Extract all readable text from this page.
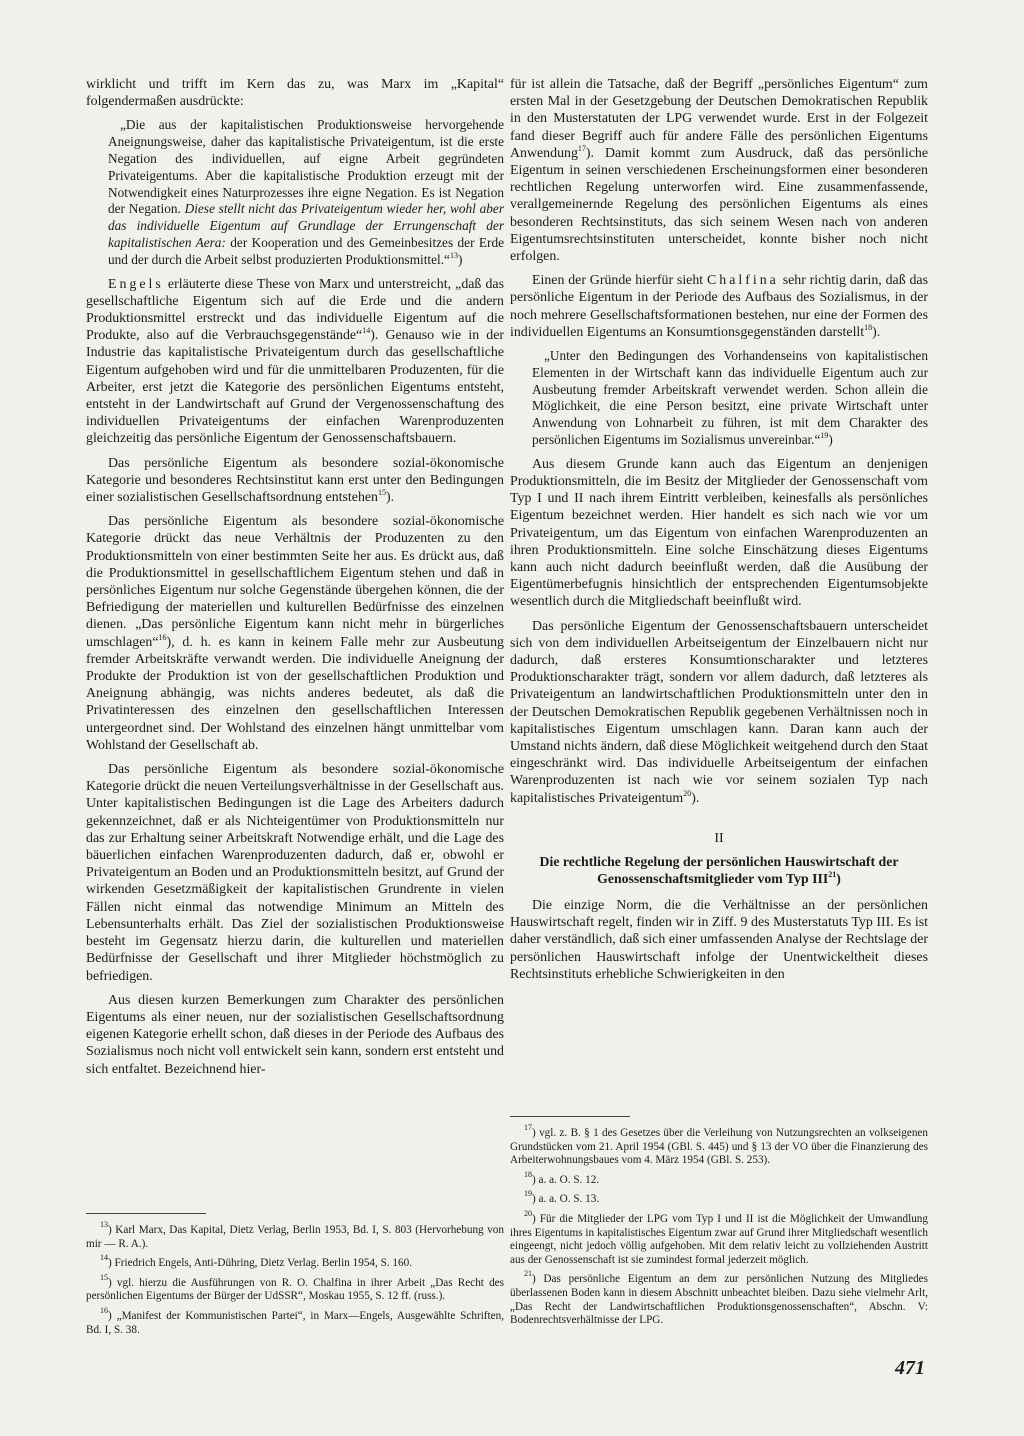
wirklicht und trifft im Kern das zu, was Marx im „Kapital“ folgendermaßen ausdrückte:

„Die aus der kapitalistischen Produktionsweise hervorgehende Aneignungsweise, daher das kapitalistische Privateigentum, ist die erste Negation des individuellen, auf eigne Arbeit gegründeten Privateigentums. Aber die kapitalistische Produktion erzeugt mit der Notwendigkeit eines Naturprozesses ihre eigne Negation. Es ist Negation der Negation. Diese stellt nicht das Privateigentum wieder her, wohl aber das individuelle Eigentum auf Grundlage der Errungenschaft der kapitalistischen Aera: der Kooperation und des Gemeinbesitzes der Erde und der durch die Arbeit selbst produzierten Produktionsmittel.“$^{13}$)

Engels erläuterte diese These von Marx und unterstreicht, „daß das gesellschaftliche Eigentum sich auf die Erde und die andern Produktionsmittel erstreckt und das individuelle Eigentum auf die Produkte, also auf die Verbrauchsgegenstände“$^{14}$). Genauso wie in der Industrie das kapitalistische Privateigentum durch das gesellschaftliche Eigentum aufgehoben wird und für die unmittelbaren Produzenten, für die Arbeiter, erst jetzt die Kategorie des persönlichen Eigentums entsteht, entsteht in der Landwirtschaft auf Grund der Vergenossenschaftung des individuellen Privateigentums der einfachen Warenproduzenten gleichzeitig das persönliche Eigentum der Genossenschaftsbauern.

Das persönliche Eigentum als besondere sozial-ökonomische Kategorie und besonderes Rechtsinstitut kann erst unter den Bedingungen einer sozialistischen Gesellschaftsordnung entstehen$^{15}$).

Das persönliche Eigentum als besondere sozial-ökonomische Kategorie drückt das neue Verhältnis der Produzenten zu den Produktionsmitteln von einer bestimmten Seite her aus. Es drückt aus, daß die Produktionsmittel in gesellschaftlichem Eigentum stehen und daß in persönliches Eigentum nur solche Gegenstände übergehen können, die der Befriedigung der materiellen und kulturellen Bedürfnisse des einzelnen dienen. „Das persönliche Eigentum kann nicht mehr in bürgerliches umschlagen“$^{16}$), d. h. es kann in keinem Falle mehr zur Ausbeutung fremder Arbeitskräfte verwandt werden. Die individuelle Aneignung der Produkte der Produktion ist von der gesellschaftlichen Produktion und Aneignung abhängig, was nichts anderes bedeutet, als daß die Privatinteressen des einzelnen den gesellschaftlichen Interessen untergeordnet sind. Der Wohlstand des einzelnen hängt unmittelbar vom Wohlstand der Gesellschaft ab.

Das persönliche Eigentum als besondere sozial-ökonomische Kategorie drückt die neuen Verteilungsverhältnisse in der Gesellschaft aus. Unter kapitalistischen Bedingungen ist die Lage des Arbeiters dadurch gekennzeichnet, daß er als Nichteigentümer von Produktionsmitteln nur das zur Erhaltung seiner Arbeitskraft Notwendige erhält, und die Lage des bäuerlichen einfachen Warenproduzenten dadurch, daß er, obwohl er Privateigentum an Boden und an Produktionsmitteln besitzt, auf Grund der wirkenden Gesetzmäßigkeit der kapitalistischen Grundrente in vielen Fällen nicht einmal das notwendige Minimum an Mitteln des Lebensunterhalts erhält. Das Ziel der sozialistischen Produktionsweise besteht im Gegensatz hierzu darin, die kulturellen und materiellen Bedürfnisse der Gesellschaft und ihrer Mitglieder höchstmöglich zu befriedigen.

Aus diesen kurzen Bemerkungen zum Charakter des persönlichen Eigentums als einer neuen, nur der sozialistischen Gesellschaftsordnung eigenen Kategorie erhellt schon, daß dieses in der Periode des Aufbaus des Sozialismus noch nicht voll entwickelt sein kann, sondern erst entsteht und sich entfaltet. Bezeichnend hier-

$^{13}$) Karl Marx, Das Kapital, Dietz Verlag, Berlin 1953, Bd. I, S. 803 (Hervorhebung von mir — R. A.).

$^{14}$) Friedrich Engels, Anti-Dühring, Dietz Verlag. Berlin 1954, S. 160.

$^{15}$) vgl. hierzu die Ausführungen von R. O. Chalfina in ihrer Arbeit „Das Recht des persönlichen Eigentums der Bürger der UdSSR“, Moskau 1955, S. 12 ff. (russ.).

$^{16}$) „Manifest der Kommunistischen Partei“, in Marx—Engels, Ausgewählte Schriften, Bd. I, S. 38.

für ist allein die Tatsache, daß der Begriff „persönliches Eigentum“ zum ersten Mal in der Gesetzgebung der Deutschen Demokratischen Republik in den Musterstatuten der LPG verwendet wurde. Erst in der Folgezeit fand dieser Begriff auch für andere Fälle des persönlichen Eigentums Anwendung$^{17}$). Damit kommt zum Ausdruck, daß das persönliche Eigentum in seinen verschiedenen Erscheinungsformen einer besonderen rechtlichen Regelung unterworfen wird. Eine zusammenfassende, verallgemeinernde Regelung des persönlichen Eigentums als eines besonderen Rechtsinstituts, das sich seinem Wesen nach von anderen Eigentumsrechtsinstituten unterscheidet, konnte bisher noch nicht erfolgen.

Einen der Gründe hierfür sieht Chalfina sehr richtig darin, daß das persönliche Eigentum in der Periode des Aufbaus des Sozialismus, in der noch mehrere Gesellschaftsformationen bestehen, nur eine der Formen des individuellen Eigentums an Konsumtionsgegenständen darstellt$^{18}$).

„Unter den Bedingungen des Vorhandenseins von kapitalistischen Elementen in der Wirtschaft kann das individuelle Eigentum auch zur Ausbeutung fremder Arbeitskraft verwendet werden. Schon allein die Möglichkeit, die eine Person besitzt, eine private Wirtschaft unter Anwendung von Lohnarbeit zu führen, ist mit dem Charakter des persönlichen Eigentums im Sozialismus unvereinbar.“$^{19}$)

Aus diesem Grunde kann auch das Eigentum an denjenigen Produktionsmitteln, die im Besitz der Mitglieder der Genossenschaft vom Typ I und II nach ihrem Eintritt verbleiben, keinesfalls als persönliches Eigentum bezeichnet werden. Hier handelt es sich nach wie vor um Privateigentum, um das Eigentum von einfachen Warenproduzenten an ihren Produktionsmitteln. Eine solche Einschätzung dieses Eigentums kann auch nicht dadurch beeinflußt werden, daß die Ausübung der Eigentümerbefugnis hinsichtlich der entsprechenden Eigentumsobjekte wesentlich durch die Mitgliedschaft beeinflußt wird.

Das persönliche Eigentum der Genossenschaftsbauern unterscheidet sich von dem individuellen Arbeitseigentum der Einzelbauern nicht nur dadurch, daß ersteres Konsumtionscharakter und letzteres Produktionscharakter trägt, sondern vor allem dadurch, daß letzteres als Privateigentum an landwirtschaftlichen Produktionsmitteln unter den in der Deutschen Demokratischen Republik gegebenen Verhältnissen noch in kapitalistisches Eigentum umschlagen kann. Daran kann auch der Umstand nichts ändern, daß diese Möglichkeit weitgehend durch den Staat eingeschränkt wird. Das individuelle Arbeitseigentum der einfachen Warenproduzenten ist nach wie vor seinem sozialen Typ nach kapitalistisches Privateigentum$^{20}$).

II
Die rechtliche Regelung der persönlichen Hauswirtschaft der Genossenschaftsmitglieder vom Typ III$^{21}$)

Die einzige Norm, die die Verhältnisse an der persönlichen Hauswirtschaft regelt, finden wir in Ziff. 9 des Musterstatuts Typ III. Es ist daher verständlich, daß sich einer umfassenden Analyse der Rechtslage der persönlichen Hauswirtschaft infolge der Unentwickeltheit dieses Rechtsinstituts erhebliche Schwierigkeiten in den

$^{17}$) vgl. z. B. § 1 des Gesetzes über die Verleihung von Nutzungsrechten an volkseigenen Grundstücken vom 21. April 1954 (GBl. S. 445) und § 13 der VO über die Finanzierung des Arbeiterwohnungsbaues vom 4. März 1954 (GBl. S. 253).

$^{18}$) a. a. O. S. 12.

$^{19}$) a. a. O. S. 13.

$^{20}$) Für die Mitglieder der LPG vom Typ I und II ist die Möglichkeit der Umwandlung ihres Eigentums in kapitalistisches Eigentum zwar auf Grund ihrer Mitgliedschaft wesentlich eingeengt, nicht jedoch völlig aufgehoben. Mit dem relativ leicht zu vollziehenden Austritt aus der Genossenschaft ist sie zumindest formal jederzeit möglich.

$^{21}$) Das persönliche Eigentum an dem zur persönlichen Nutzung des Mitgliedes überlassenen Boden kann in diesem Abschnitt unbeachtet bleiben. Dazu siehe vielmehr Arlt, „Das Recht der Landwirtschaftlichen Produktionsgenossenschaften“, Abschn. V: Bodenrechtsverhältnisse der LPG.

471
